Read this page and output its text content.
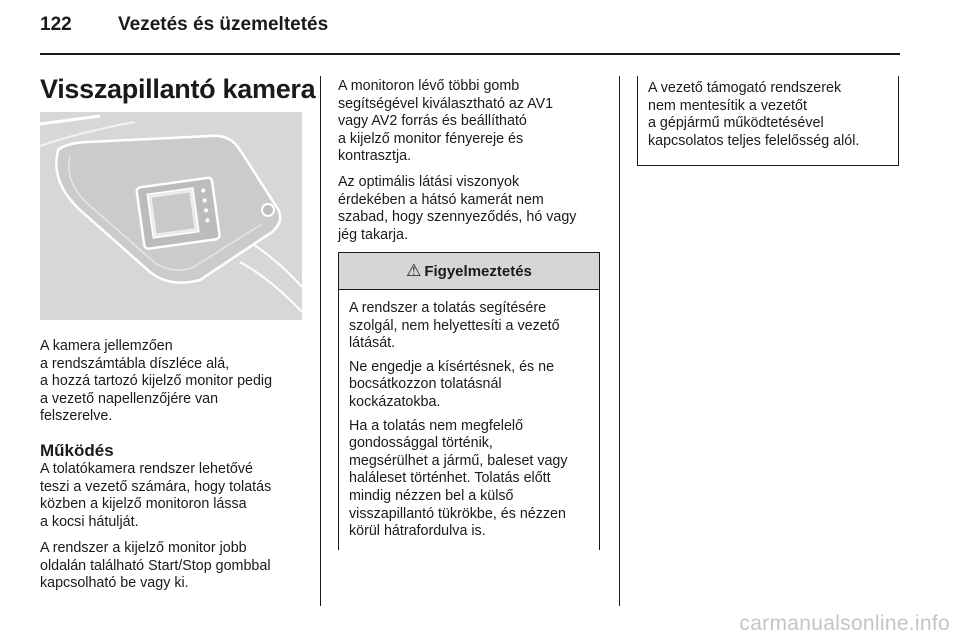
122 Vezetés és üzemeltetés
Visszapillantó kamera

A kamera jellemzően
a rendszámtábla díszléce alá,
a hozzá tartozó kijelző monitor pedig
a vezető napellenzőjére van
felszerelve.

Működés

A tolatókamera rendszer lehetővé
teszi a vezető számára, hogy tolatás
közben a kijelző monitoron lássa
a kocsi hátulját.

A rendszer a kijelző monitor jobb
oldalán található Start/Stop gombbal
kapcsolható be vagy ki.

A monitoron lévő többi gomb
segítségével kiválasztható az AV1
vagy AV2 forrás és beállítható
a kijelző monitor fényereje és
kontrasztja.

Az optimális látási viszonyok
érdekében a hátsó kamerát nem
szabad, hogy szennyeződés, hó vagy
jég takarja.

⚠ Figyelmeztetés

A rendszer a tolatás segítésére
szolgál, nem helyettesíti a vezető
látását.

Ne engedje a kísértésnek, és ne
bocsátkozzon tolatásnál
kockázatokba.

Ha a tolatás nem megfelelő
gondossággal történik,
megsérülhet a jármű, baleset vagy
haláleset történhet. Tolatás előtt
mindig nézzen bel a külső
visszapillantó tükrökbe, és nézzen
körül hátrafordulva is.

A vezető támogató rendszerek
nem mentesítik a vezetőt
a gépjármű működtetésével
kapcsolatos teljes felelősség alól.
carmanualsonline.info
